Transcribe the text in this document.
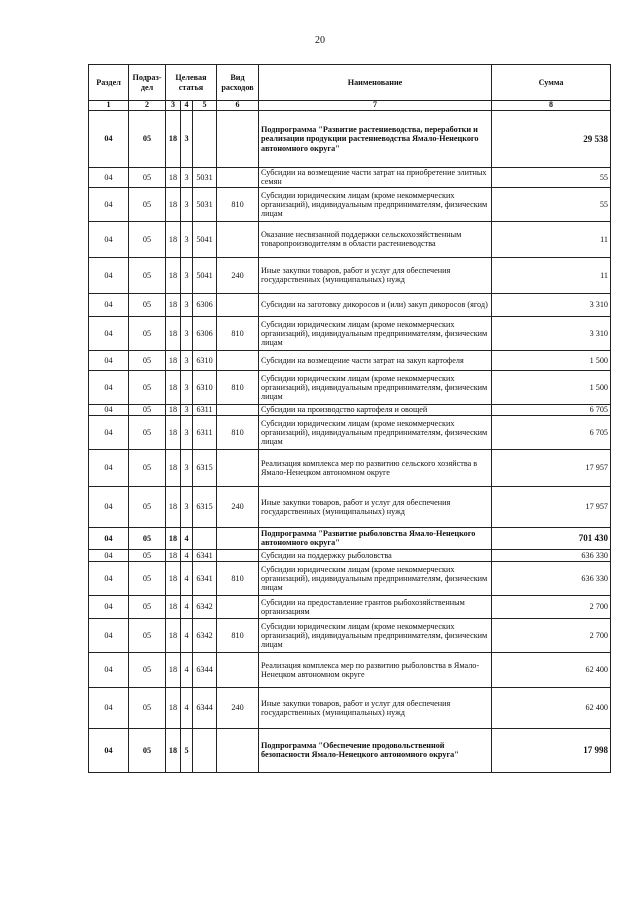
20
Раздел	Подраз-дел	Целевая статья			Вид расходов	Наименование	Сумма
1	2	3	4	5	6	7	8
04	05	18	3			Подпрограмма "Развитие растениеводства, переработки и реализации продукции растениеводства Ямало-Ненецкого автономного округа"	29 538
04	05	18	3	5031		Субсидии на возмещение части затрат на приобретение элитных семян	55
04	05	18	3	5031	810	Субсидии юридическим лицам (кроме некоммерческих организаций), индивидуальным предпринимателям, физическим лицам	55
04	05	18	3	5041		Оказание несвязанной поддержки сельскохозяйственным товаропроизводителям в области растениеводства	11
04	05	18	3	5041	240	Иные закупки товаров, работ и услуг для обеспечения государственных (муниципальных) нужд	11
04	05	18	3	6306		Субсидии на заготовку дикоросов и (или) закуп дикоросов (ягод)	3 310
04	05	18	3	6306	810	Субсидии юридическим лицам (кроме некоммерческих организаций), индивидуальным предпринимателям, физическим лицам	3 310
04	05	18	3	6310		Субсидии на возмещение части затрат на закуп картофеля	1 500
04	05	18	3	6310	810	Субсидии юридическим лицам (кроме некоммерческих организаций), индивидуальным предпринимателям, физическим лицам	1 500
04	05	18	3	6311		Субсидии на производство картофеля и овощей	6 705
04	05	18	3	6311	810	Субсидии юридическим лицам (кроме некоммерческих организаций), индивидуальным предпринимателям, физическим лицам	6 705
04	05	18	3	6315		Реализация комплекса мер по развитию сельского хозяйства в Ямало-Ненецком автономном округе	17 957
04	05	18	3	6315	240	Иные закупки товаров, работ и услуг для обеспечения государственных (муниципальных) нужд	17 957
04	05	18	4			Подпрограмма "Развитие рыболовства Ямало-Ненецкого автономного округа"	701 430
04	05	18	4	6341		Субсидии на поддержку рыболовства	636 330
04	05	18	4	6341	810	Субсидии юридическим лицам (кроме некоммерческих организаций), индивидуальным предпринимателям, физическим лицам	636 330
04	05	18	4	6342		Субсидии на предоставление грантов рыбохозяйственным организациям	2 700
04	05	18	4	6342	810	Субсидии юридическим лицам (кроме некоммерческих организаций), индивидуальным предпринимателям, физическим лицам	2 700
04	05	18	4	6344		Реализация комплекса мер по развитию рыболовства в Ямало-Ненецком автономном округе	62 400
04	05	18	4	6344	240	Иные закупки товаров, работ и услуг для обеспечения государственных (муниципальных) нужд	62 400
04	05	18	5			Подпрограмма "Обеспечение продовольственной безопасности Ямало-Ненецкого автономного округа"	17 998
